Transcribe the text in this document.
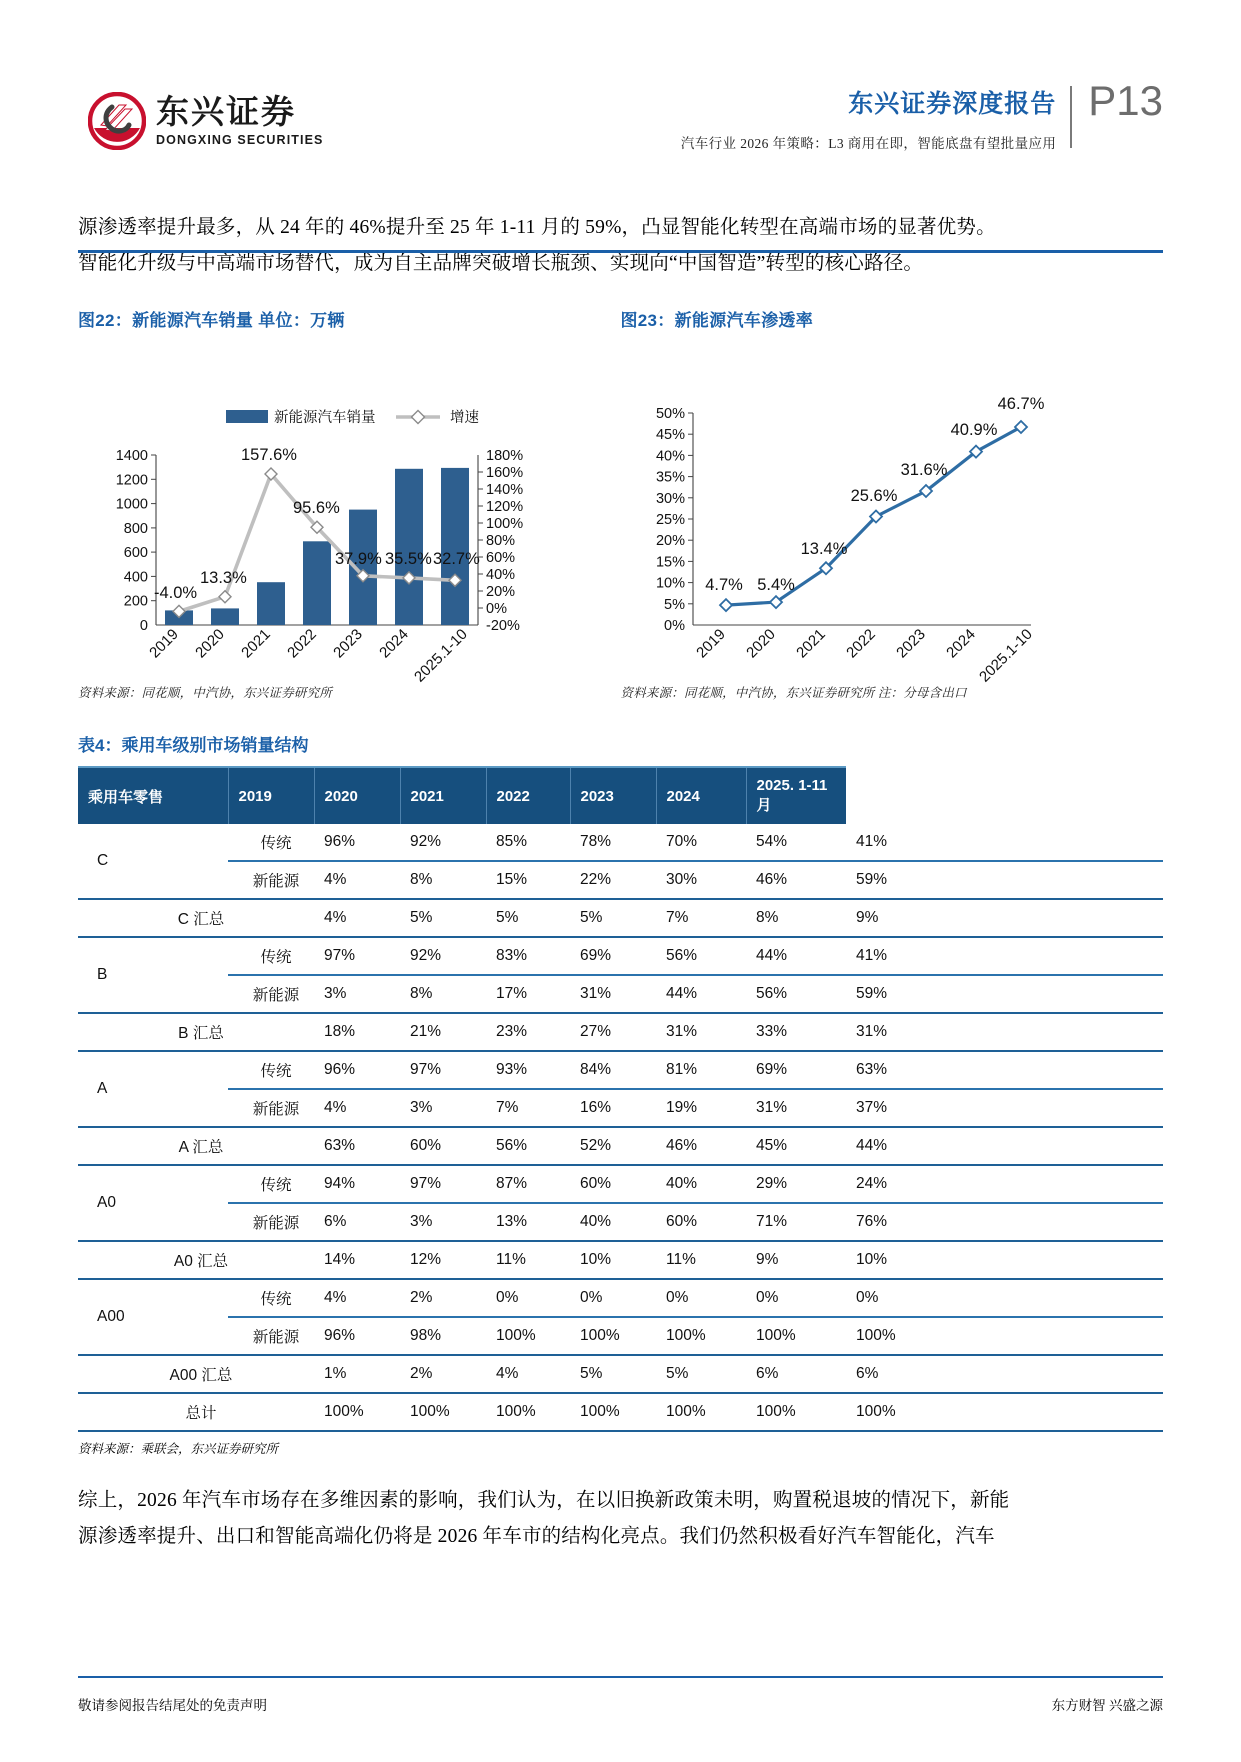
东兴证券
DONGXING SECURITIES
东兴证券深度报告
汽车行业 2026 年策略：L3 商用在即，智能底盘有望批量应用
P13
源渗透率提升最多，从 24 年的 46%提升至 25 年 1-11 月的 59%，凸显智能化转型在高端市场的显著优势。
智能化升级与中高端市场替代，成为自主品牌突破增长瓶颈、实现向“中国智造”转型的核心路径。
图22：新能源汽车销量 单位：万辆
新能源汽车销量	增速
1400
1200
1000
800
600
400
200
0
180%
160%
140%
120%
100%
80%
60%
40%
20%
0%
-20%
-4.0%
13.3%
157.6%
95.6%
37.9% 35.5% 32.7%
2019 2020 2021 2022 2023 2024 2025.1-10
资料来源：同花顺，中汽协，东兴证券研究所
图23：新能源汽车渗透率
50%
45%
40%
35%
30%
25%
20%
15%
10%
5%
0%
4.7% 5.4%
13.4%
25.6%
31.6%
40.9%
46.7%
2019 2020 2021 2022 2023 2024
2025.1-10
资料来源：同花顺，中汽协，东兴证券研究所 注：分母含出口
表4：乘用车级别市场销量结构
乘用车零售	2019	2020	2021	2022	2023	2024	2025. 1-11 月	
C	传统	96%	92%	85%	78%	70%	54%	41%
	新能源	4%	8%	15%	22%	30%	46%	59%
C 汇总		4%	5%	5%	5%	7%	8%	9%
B	传统	97%	92%	83%	69%	56%	44%	41%
	新能源	3%	8%	17%	31%	44%	56%	59%
B 汇总		18%	21%	23%	27%	31%	33%	31%
A	传统	96%	97%	93%	84%	81%	69%	63%
	新能源	4%	3%	7%	16%	19%	31%	37%
A 汇总		63%	60%	56%	52%	46%	45%	44%
A0	传统	94%	97%	87%	60%	40%	29%	24%
	新能源	6%	3%	13%	40%	60%	71%	76%
A0 汇总		14%	12%	11%	10%	11%	9%	10%
A00	传统	4%	2%	0%	0%	0%	0%	0%
	新能源	96%	98%	100%	100%	100%	100%	100%
A00 汇总		1%	2%	4%	5%	5%	6%	6%
总计		100%	100%	100%	100%	100%	100%	100%
资料来源：乘联会，东兴证券研究所
综上，2026 年汽车市场存在多维因素的影响，我们认为，在以旧换新政策未明，购置税退坡的情况下，新能
源渗透率提升、出口和智能高端化仍将是 2026 年车市的结构化亮点。我们仍然积极看好汽车智能化，汽车
敬请参阅报告结尾处的免责声明	东方财智 兴盛之源
